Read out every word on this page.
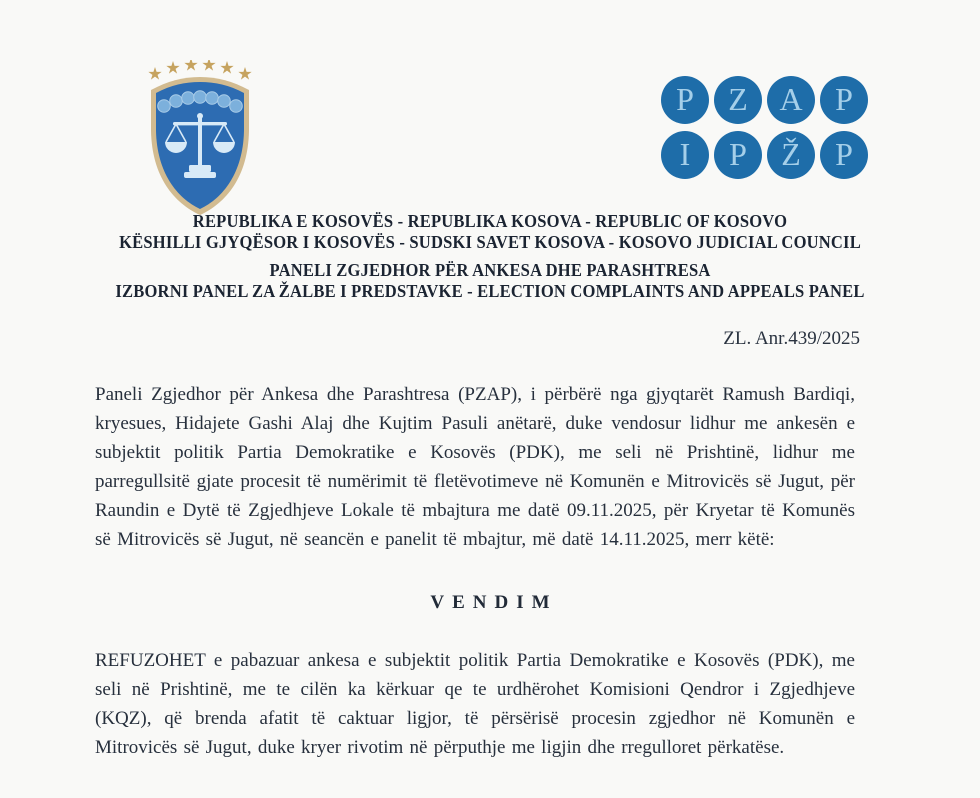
P Z A P
I P Ž P
REPUBLIKA E KOSOVËS - REPUBLIKA KOSOVA - REPUBLIC OF KOSOVO
KËSHILLI GJYQËSOR I KOSOVËS - SUDSKI SAVET KOSOVA - KOSOVO JUDICIAL COUNCIL
PANELI ZGJEDHOR PËR ANKESA DHE PARASHTRESA
IZBORNI PANEL ZA ŽALBE I PREDSTAVKE - ELECTION COMPLAINTS AND APPEALS PANEL
ZL. Anr.439/2025

Paneli Zgjedhor për Ankesa dhe Parashtresa (PZAP), i përbërë nga gjyqtarët Ramush Bardiqi, kryesues, Hidajete Gashi Alaj dhe Kujtim Pasuli anëtarë, duke vendosur lidhur me ankesën e subjektit politik Partia Demokratike e Kosovës (PDK), me seli në Prishtinë, lidhur me parregullsitë gjate procesit të numërimit të fletëvotimeve në Komunën e Mitrovicës së Jugut, për Raundin e Dytë të Zgjedhjeve Lokale të mbajtura me datë 09.11.2025, për Kryetar të Komunës së Mitrovicës së Jugut, në seancën e panelit të mbajtur, më datë 14.11.2025, merr këtë:

VENDIM

REFUZOHET e pabazuar ankesa e subjektit politik Partia Demokratike e Kosovës (PDK), me seli në Prishtinë, me te cilën ka kërkuar qe te urdhërohet Komisioni Qendror i Zgjedhjeve (KQZ), që brenda afatit të caktuar ligjor, të përsërisë procesin zgjedhor në Komunën e Mitrovicës së Jugut, duke kryer rivotim në përputhje me ligjin dhe rregulloret përkatëse.
